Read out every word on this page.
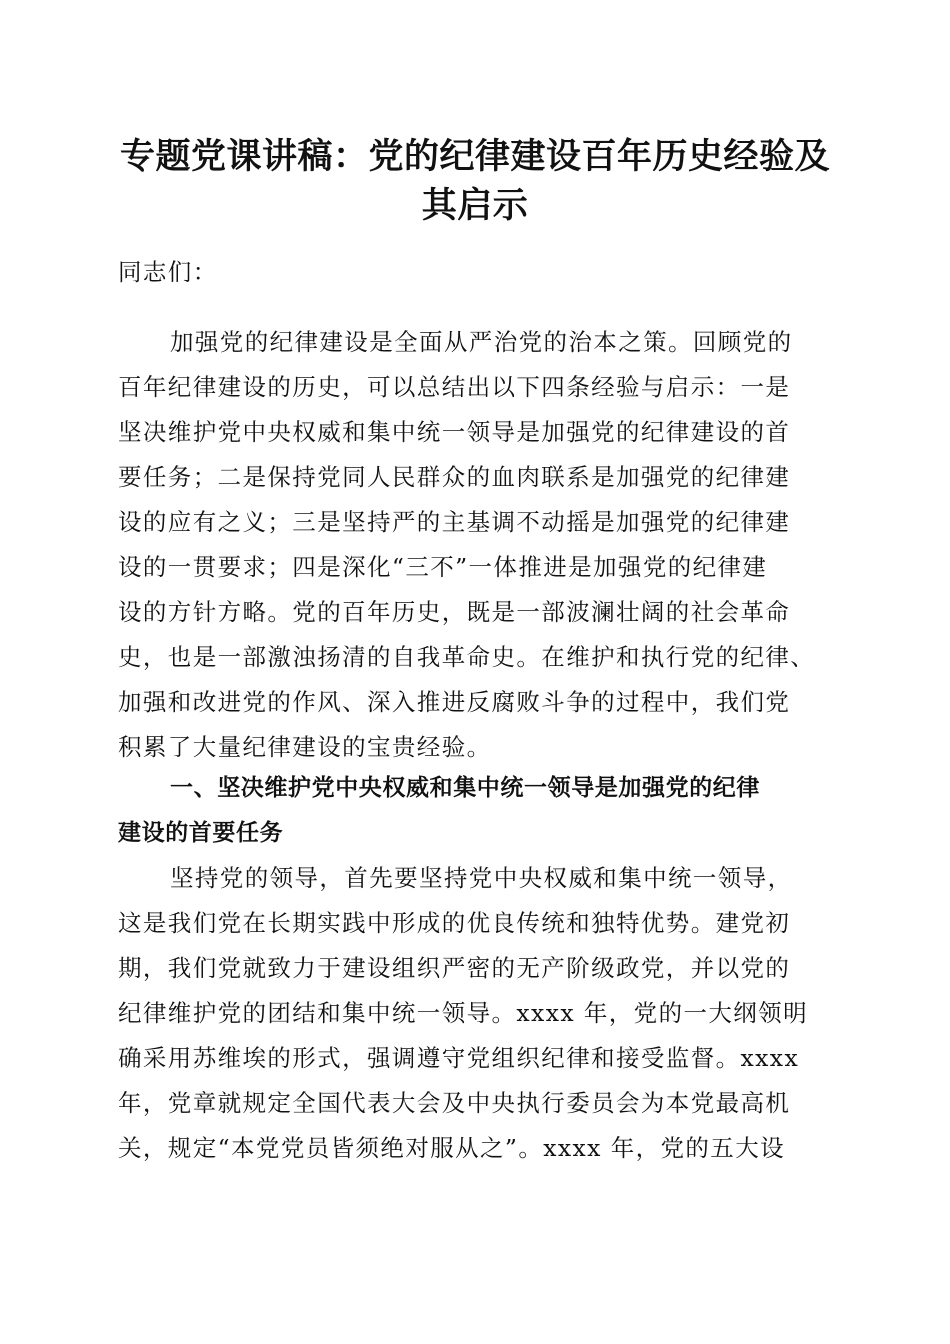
专题党课讲稿：党的纪律建设百年历史经验及
其启示
同志们：
加强党的纪律建设是全面从严治党的治本之策。回顾党的
百年纪律建设的历史，可以总结出以下四条经验与启示：一是
坚决维护党中央权威和集中统一领导是加强党的纪律建设的首
要任务；二是保持党同人民群众的血肉联系是加强党的纪律建
设的应有之义；三是坚持严的主基调不动摇是加强党的纪律建
设的一贯要求；四是深化“三不”一体推进是加强党的纪律建
设的方针方略。党的百年历史，既是一部波澜壮阔的社会革命
史，也是一部激浊扬清的自我革命史。在维护和执行党的纪律、
加强和改进党的作风、深入推进反腐败斗争的过程中，我们党
积累了大量纪律建设的宝贵经验。
一、坚决维护党中央权威和集中统一领导是加强党的纪律
建设的首要任务
坚持党的领导，首先要坚持党中央权威和集中统一领导，
这是我们党在长期实践中形成的优良传统和独特优势。建党初
期，我们党就致力于建设组织严密的无产阶级政党，并以党的
纪律维护党的团结和集中统一领导。xxxx 年，党的一大纲领明
确采用苏维埃的形式，强调遵守党组织纪律和接受监督。xxxx
年，党章就规定全国代表大会及中央执行委员会为本党最高机
关，规定“本党党员皆须绝对服从之”。xxxx 年，党的五大设
